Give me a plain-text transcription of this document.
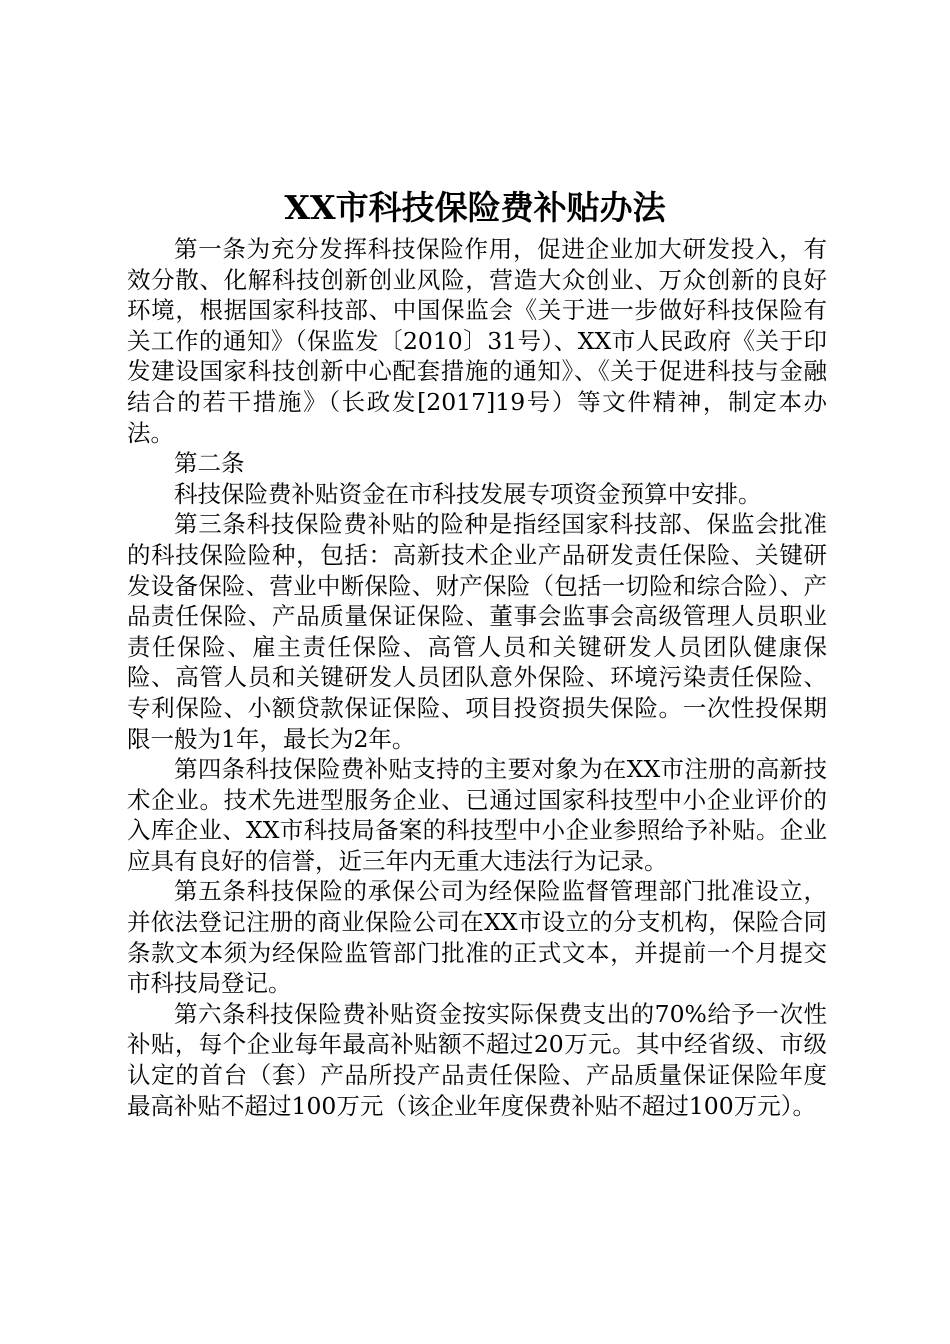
XX市科技保险费补贴办法

第一条为充分发挥科技保险作用，促进企业加大研发投入，有效分散、化解科技创新创业风险，营造大众创业、万众创新的良好环境，根据国家科技部、中国保监会《关于进一步做好科技保险有关工作的通知》（保监发〔2010〕31号）、XX市人民政府《关于印发建设国家科技创新中心配套措施的通知》、《关于促进科技与金融结合的若干措施》（长政发[2017]19号）等文件精神，制定本办法。

第二条

科技保险费补贴资金在市科技发展专项资金预算中安排。

第三条科技保险费补贴的险种是指经国家科技部、保监会批准的科技保险险种，包括：高新技术企业产品研发责任保险、关键研发设备保险、营业中断保险、财产保险（包括一切险和综合险）、产品责任保险、产品质量保证保险、董事会监事会高级管理人员职业责任保险、雇主责任保险、高管人员和关键研发人员团队健康保险、高管人员和关键研发人员团队意外保险、环境污染责任保险、专利保险、小额贷款保证保险、项目投资损失保险。一次性投保期限一般为1年，最长为2年。

第四条科技保险费补贴支持的主要对象为在XX市注册的高新技术企业。技术先进型服务企业、已通过国家科技型中小企业评价的入库企业、XX市科技局备案的科技型中小企业参照给予补贴。企业应具有良好的信誉，近三年内无重大违法行为记录。

第五条科技保险的承保公司为经保险监督管理部门批准设立，并依法登记注册的商业保险公司在XX市设立的分支机构，保险合同条款文本须为经保险监管部门批准的正式文本，并提前一个月提交市科技局登记。

第六条科技保险费补贴资金按实际保费支出的70%给予一次性补贴，每个企业每年最高补贴额不超过20万元。其中经省级、市级认定的首台（套）产品所投产品责任保险、产品质量保证保险年度最高补贴不超过100万元（该企业年度保费补贴不超过100万元）。
